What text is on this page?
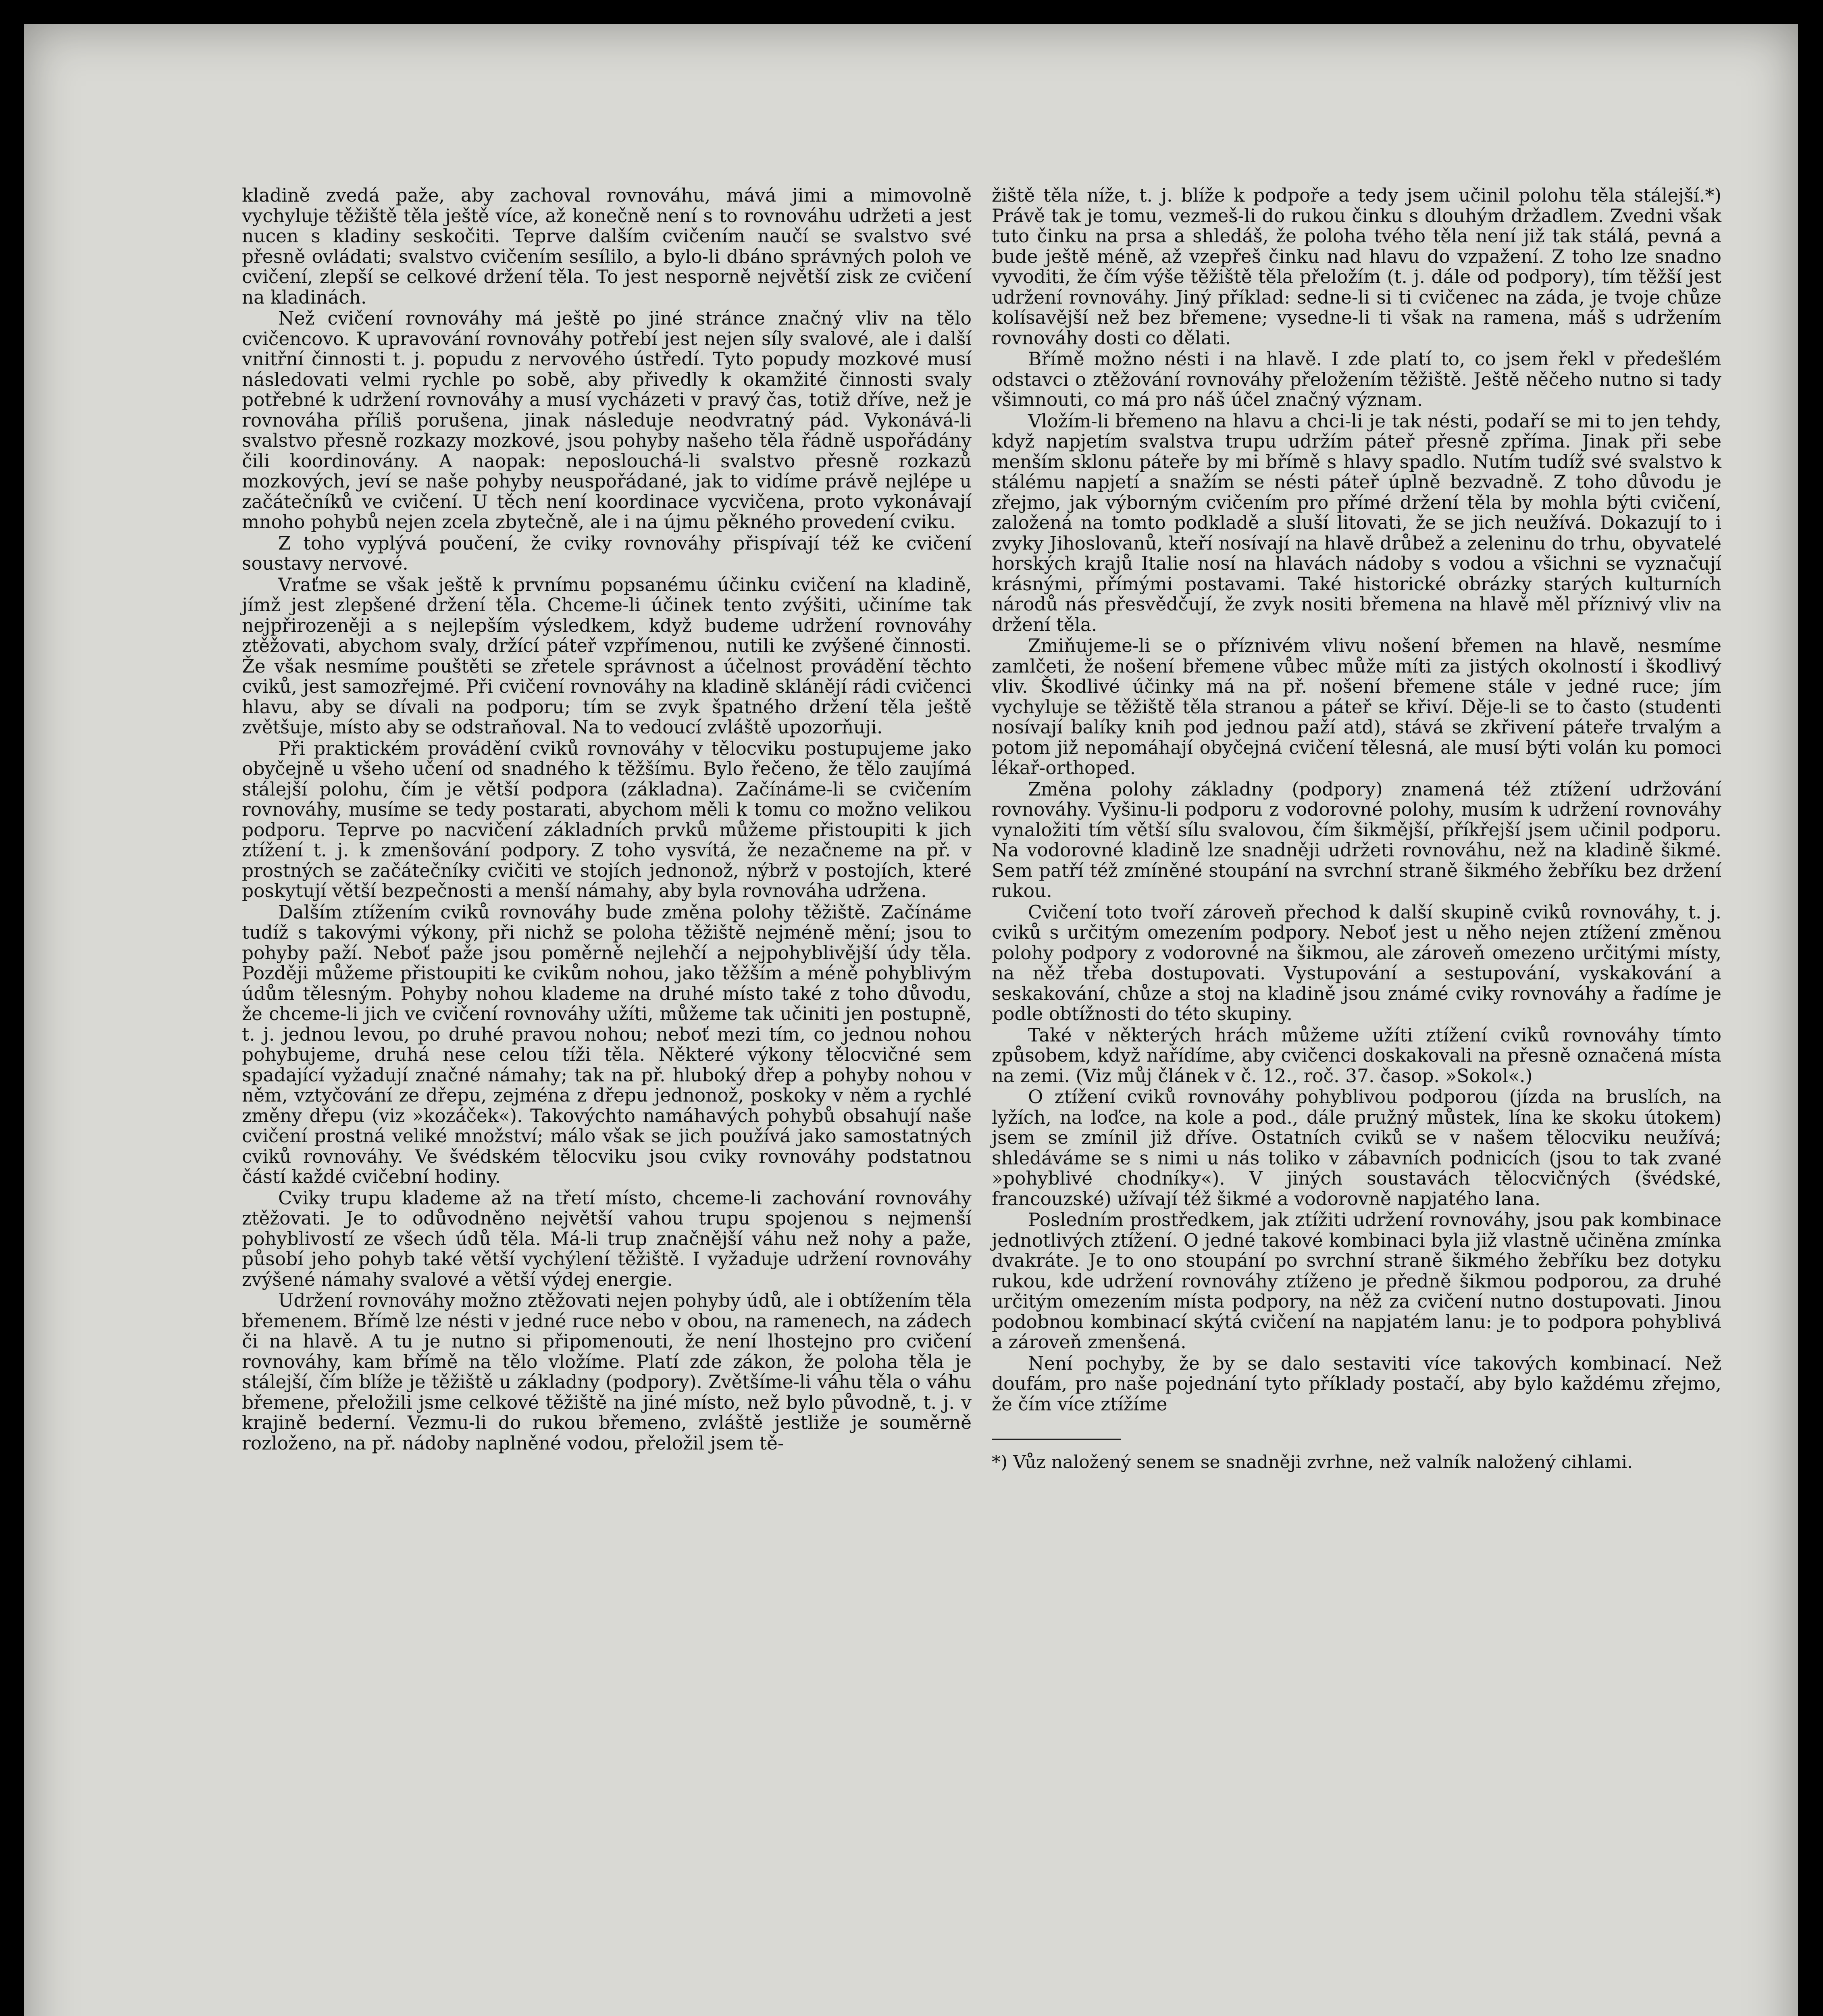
kladině zvedá paže, aby zachoval rovnováhu, mává jimi a mimovolně vychyluje těžiště těla ještě více, až konečně není s to rovnováhu udržeti a jest nucen s kladiny seskočiti. Teprve dalším cvičením naučí se svalstvo své přesně ovládati; svalstvo cvičením sesílilo, a bylo-li dbáno správných poloh ve cvičení, zlepší se celkové držení těla. To jest nesporně největší zisk ze cvičení na kladinách.

Než cvičení rovnováhy má ještě po jiné stránce značný vliv na tělo cvičencovo. K upravování rovnováhy potřebí jest nejen síly svalové, ale i další vnitřní činnosti t. j. popudu z nervového ústředí. Tyto popudy mozkové musí následovati velmi rychle po sobě, aby přivedly k okamžité činnosti svaly potřebné k udržení rovnováhy a musí vycházeti v pravý čas, totiž dříve, než je rovnováha příliš porušena, jinak následuje neodvratný pád. Vykonává-li svalstvo přesně rozkazy mozkové, jsou pohyby našeho těla řádně uspořádány čili koordinovány. A naopak: neposlouchá-li svalstvo přesně rozkazů mozkových, jeví se naše pohyby neuspořádané, jak to vidíme právě nejlépe u začátečníků ve cvičení. U těch není koordinace vycvičena, proto vykonávají mnoho pohybů nejen zcela zbytečně, ale i na újmu pěkného provedení cviku.

Z toho vyplývá poučení, že cviky rovnováhy přispívají též ke cvičení soustavy nervové.

Vraťme se však ještě k prvnímu popsanému účinku cvičení na kladině, jímž jest zlepšené držení těla. Chceme-li účinek tento zvýšiti, učiníme tak nejpřirozeněji a s nejlepším výsledkem, když budeme udržení rovnováhy ztěžovati, abychom svaly, držící páteř vzpřímenou, nutili ke zvýšené činnosti. Že však nesmíme pouštěti se zřetele správnost a účelnost provádění těchto cviků, jest samozřejmé. Při cvičení rovnováhy na kladině sklánějí rádi cvičenci hlavu, aby se dívali na podporu; tím se zvyk špatného držení těla ještě zvětšuje, místo aby se odstraňoval. Na to vedoucí zvláště upozorňuji.

Při praktickém provádění cviků rovnováhy v tělocviku postupujeme jako obyčejně u všeho učení od snadného k těžšímu. Bylo řečeno, že tělo zaujímá stálejší polohu, čím je větší podpora (základna). Začínáme-li se cvičením rovnováhy, musíme se tedy postarati, abychom měli k tomu co možno velikou podporu. Teprve po nacvičení základních prvků můžeme přistoupiti k jich ztížení t. j. k zmenšování podpory. Z toho vysvítá, že nezačneme na př. v prostných se začátečníky cvičiti ve stojích jednonož, nýbrž v postojích, které poskytují větší bezpečnosti a menší námahy, aby byla rovnováha udržena.

Dalším ztížením cviků rovnováhy bude změna polohy těžiště. Začínáme tudíž s takovými výkony, při nichž se poloha těžiště nejméně mění; jsou to pohyby paží. Neboť paže jsou poměrně nejlehčí a nejpohyblivější údy těla. Později můžeme přistoupiti ke cvikům nohou, jako těžším a méně pohyblivým údům tělesným. Pohyby nohou klademe na druhé místo také z toho důvodu, že chceme-li jich ve cvičení rovnováhy užíti, můžeme tak učiniti jen postupně, t. j. jednou levou, po druhé pravou nohou; neboť mezi tím, co jednou nohou pohybujeme, druhá nese celou tíži těla. Některé výkony tělocvičné sem spadající vyžadují značné námahy; tak na př. hluboký dřep a pohyby nohou v něm, vztyčování ze dřepu, zejména z dřepu jednonož, poskoky v něm a rychlé změny dřepu (viz »kozáček«). Takovýchto namáhavých pohybů obsahují naše cvičení prostná veliké množství; málo však se jich používá jako samostatných cviků rovnováhy. Ve švédském tělocviku jsou cviky rovnováhy podstatnou částí každé cvičební hodiny.

Cviky trupu klademe až na třetí místo, chceme-li zachování rovnováhy ztěžovati. Je to odůvodněno největší vahou trupu spojenou s nejmenší pohyblivostí ze všech údů těla. Má-li trup značnější váhu než nohy a paže, působí jeho pohyb také větší vychýlení těžiště. I vyžaduje udržení rovnováhy zvýšené námahy svalové a větší výdej energie.

Udržení rovnováhy možno ztěžovati nejen pohyby údů, ale i obtížením těla břemenem. Břímě lze nésti v jedné ruce nebo v obou, na ramenech, na zádech či na hlavě. A tu je nutno si připomenouti, že není lhostejno pro cvičení rovnováhy, kam břímě na tělo vložíme. Platí zde zákon, že poloha těla je stálejší, čím blíže je těžiště u základny (podpory). Zvětšíme-li váhu těla o váhu břemene, přeložili jsme celkové těžiště na jiné místo, než bylo původně, t. j. v krajině bederní. Vezmu-li do rukou břemeno, zvláště jestliže je souměrně rozloženo, na př. nádoby naplněné vodou, přeložil jsem tě-

žiště těla níže, t. j. blíže k podpoře a tedy jsem učinil polohu těla stálejší.*) Právě tak je tomu, vezmeš-li do rukou činku s dlouhým držadlem. Zvedni však tuto činku na prsa a shledáš, že poloha tvého těla není již tak stálá, pevná a bude ještě méně, až vzepřeš činku nad hlavu do vzpažení. Z toho lze snadno vyvoditi, že čím výše těžiště těla přeložím (t. j. dále od podpory), tím těžší jest udržení rovnováhy. Jiný příklad: sedne-li si ti cvičenec na záda, je tvoje chůze kolísavější než bez břemene; vysedne-li ti však na ramena, máš s udržením rovnováhy dosti co dělati.

Břímě možno nésti i na hlavě. I zde platí to, co jsem řekl v předešlém odstavci o ztěžování rovnováhy přeložením těžiště. Ještě něčeho nutno si tady všimnouti, co má pro náš účel značný význam.

Vložím-li břemeno na hlavu a chci-li je tak nésti, podaří se mi to jen tehdy, když napjetím svalstva trupu udržím páteř přesně zpříma. Jinak při sebe menším sklonu páteře by mi břímě s hlavy spadlo. Nutím tudíž své svalstvo k stálému napjetí a snažím se nésti páteř úplně bezvadně. Z toho důvodu je zřejmo, jak výborným cvičením pro přímé držení těla by mohla býti cvičení, založená na tomto podkladě a sluší litovati, že se jich neužívá. Dokazují to i zvyky Jihoslovanů, kteří nosívají na hlavě drůbež a zeleninu do trhu, obyvatelé horských krajů Italie nosí na hlavách nádoby s vodou a všichni se vyznačují krásnými, přímými postavami. Také historické obrázky starých kulturních národů nás přesvědčují, že zvyk nositi břemena na hlavě měl příznivý vliv na držení těla.

Zmiňujeme-li se o příznivém vlivu nošení břemen na hlavě, nesmíme zamlčeti, že nošení břemene vůbec může míti za jistých okolností i škodlivý vliv. Škodlivé účinky má na př. nošení břemene stále v jedné ruce; jím vychyluje se těžiště těla stranou a páteř se křiví. Děje-li se to často (studenti nosívají balíky knih pod jednou paží atd), stává se zkřivení páteře trvalým a potom již nepomáhají obyčejná cvičení tělesná, ale musí býti volán ku pomoci lékař-orthoped.

Změna polohy základny (podpory) znamená též ztížení udržování rovnováhy. Vyšinu-li podporu z vodorovné polohy, musím k udržení rovnováhy vynaložiti tím větší sílu svalovou, čím šikmější, příkřejší jsem učinil podporu. Na vodorovné kladině lze snadněji udržeti rovnováhu, než na kladině šikmé. Sem patří též zmíněné stoupání na svrchní straně šikmého žebříku bez držení rukou.

Cvičení toto tvoří zároveň přechod k další skupině cviků rovnováhy, t. j. cviků s určitým omezením podpory. Neboť jest u něho nejen ztížení změnou polohy podpory z vodorovné na šikmou, ale zároveň omezeno určitými místy, na něž třeba dostupovati. Vystupování a sestupování, vyskakování a seskakování, chůze a stoj na kladině jsou známé cviky rovnováhy a řadíme je podle obtížnosti do této skupiny.

Také v některých hrách můžeme užíti ztížení cviků rovnováhy tímto způsobem, když nařídíme, aby cvičenci doskakovali na přesně označená místa na zemi. (Viz můj článek v č. 12., roč. 37. časop. »Sokol«.)

O ztížení cviků rovnováhy pohyblivou podporou (jízda na bruslích, na lyžích, na loďce, na kole a pod., dále pružný můstek, lína ke skoku útokem) jsem se zmínil již dříve. Ostatních cviků se v našem tělocviku neužívá; shledáváme se s nimi u nás toliko v zábavních podnicích (jsou to tak zvané »pohyblivé chodníky«). V jiných soustavách tělocvičných (švédské, francouzské) užívají též šikmé a vodorovně napjatého lana.

Posledním prostředkem, jak ztížiti udržení rovnováhy, jsou pak kombinace jednotlivých ztížení. O jedné takové kombinaci byla již vlastně učiněna zmínka dvakráte. Je to ono stoupání po svrchní straně šikmého žebříku bez dotyku rukou, kde udržení rovnováhy ztíženo je předně šikmou podporou, za druhé určitým omezením místa podpory, na něž za cvičení nutno dostupovati. Jinou podobnou kombinací skýtá cvičení na napjatém lanu: je to podpora pohyblivá a zároveň zmenšená.

Není pochyby, že by se dalo sestaviti více takových kombinací. Než doufám, pro naše pojednání tyto příklady postačí, aby bylo každému zřejmo, že čím více ztížíme

*) Vůz naložený senem se snadněji zvrhne, než valník naložený cihlami.
